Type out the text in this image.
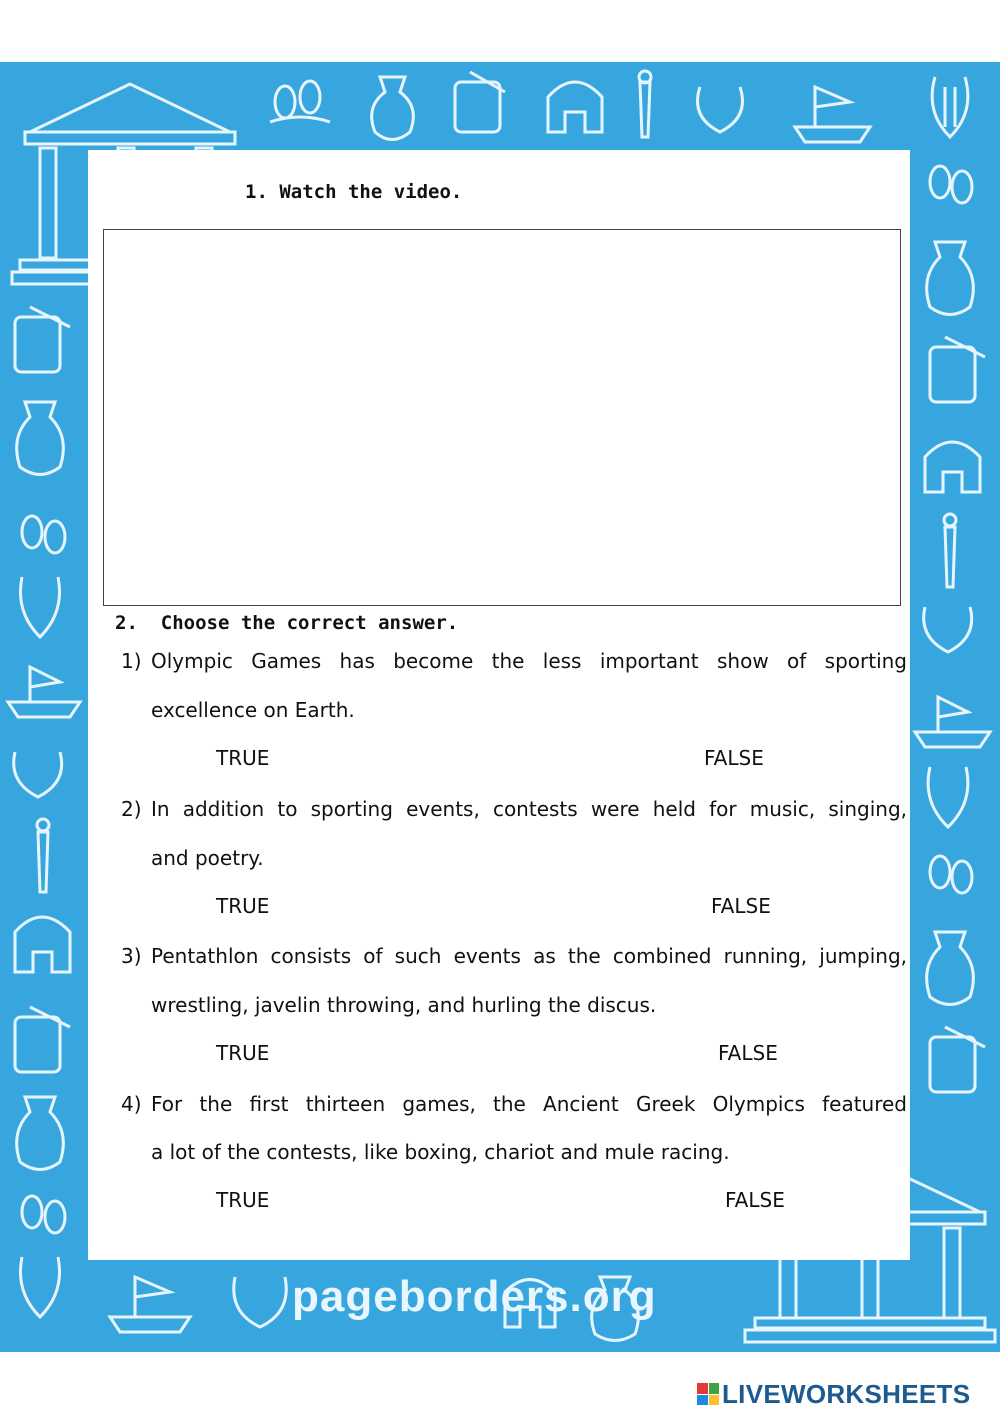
1. Watch the video.
2. Choose the correct answer.
1) Olympic Games has become the less important show of sporting
excellence on Earth.
TRUE	FALSE
2) In addition to sporting events, contests were held for music, singing,
and poetry.
TRUE	FALSE
3) Pentathlon consists of such events as the combined running, jumping,
wrestling, javelin throwing, and hurling the discus.
TRUE	FALSE
4) For the first thirteen games, the Ancient Greek Olympics featured
a lot of the contests, like boxing, chariot and mule racing.
TRUE	FALSE
pageborders.org
LIVEWORKSHEETS
